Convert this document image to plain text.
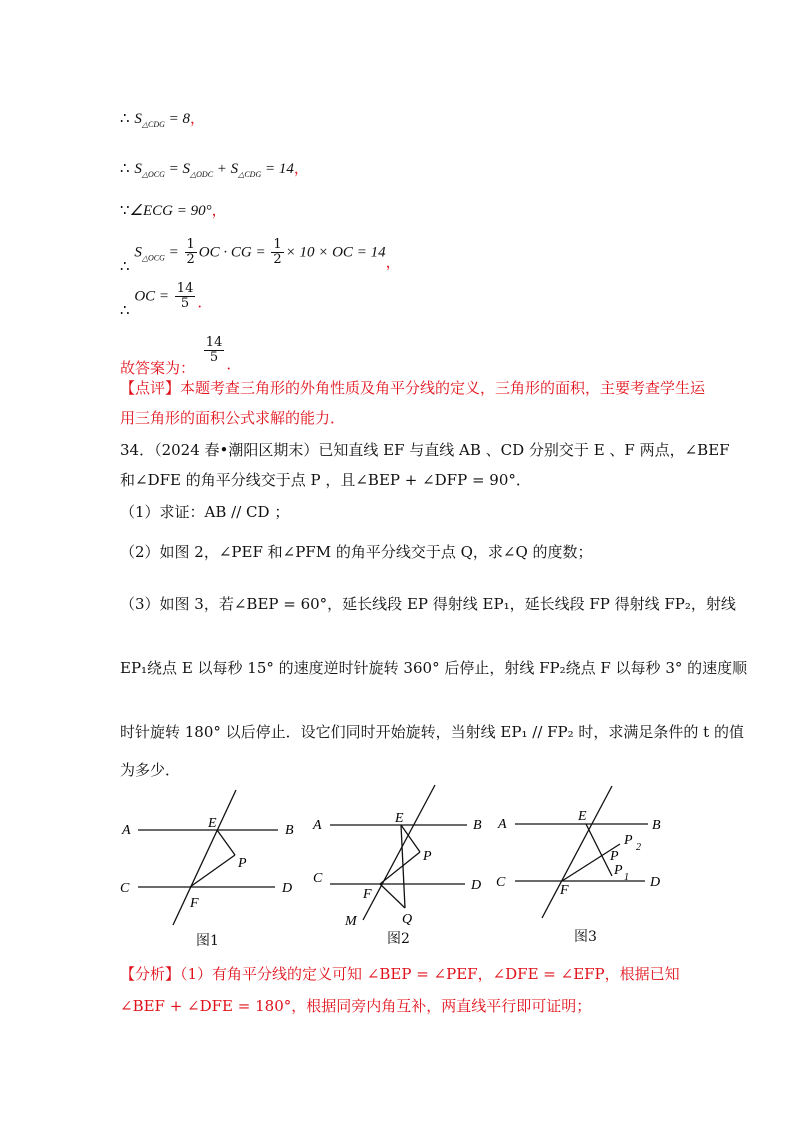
∴ $S_{\triangle CDG} = 8$，
∴ $S_{\triangle OCG} = S_{\triangle ODC} + S_{\triangle CDG} = 14$，
∵∠ECG = 90°，
∴ $S_{\triangle OCG} = \frac{1}{2}$ OC · CG = $\frac{1}{2} \times 10$ × OC = 14，
∴ OC = $\frac{14}{5}$ ．
故答案为：
$\frac{14}{5}$ ．
【点评】本题考查三角形的外角性质及角平分线的定义，三角形的面积，主要考查学生运
用三角形的面积公式求解的能力．
34．（2024 春•潮阳区期末）已知直线 EF 与直线 AB 、CD 分别交于 E 、F 两点，∠BEF
和∠DFE 的角平分线交于点 P ，且∠BEP + ∠DFP = 90°．
（1）求证：AB // CD ；
（2）如图 2，∠PEF 和∠PFM 的角平分线交于点 Q，求∠Q 的度数；
（3）如图 3，若∠BEP = 60°，延长线段 EP 得射线 EP₁，延长线段 FP 得射线 FP₂，射线
EP₁绕点 E 以每秒 15° 的速度逆时针旋转 360° 后停止，射线 FP₂绕点 F 以每秒 3° 的速度顺
时针旋转 180° 以后停止．设它们同时开始旋转，当射线 EP₁ // FP₂ 时，求满足条件的 t 的值
为多少．
A	E	B
P
C
F
D
图1
A	E	B
P
C
F
D
M	Q
图2
A
E
B
P 2
P
P 1
C
F
D
图3
【分析】（1）有角平分线的定义可知 ∠BEP = ∠PEF，∠DFE = ∠EFP，根据已知
∠BEF + ∠DFE = 180°，根据同旁内角互补，两直线平行即可证明；
